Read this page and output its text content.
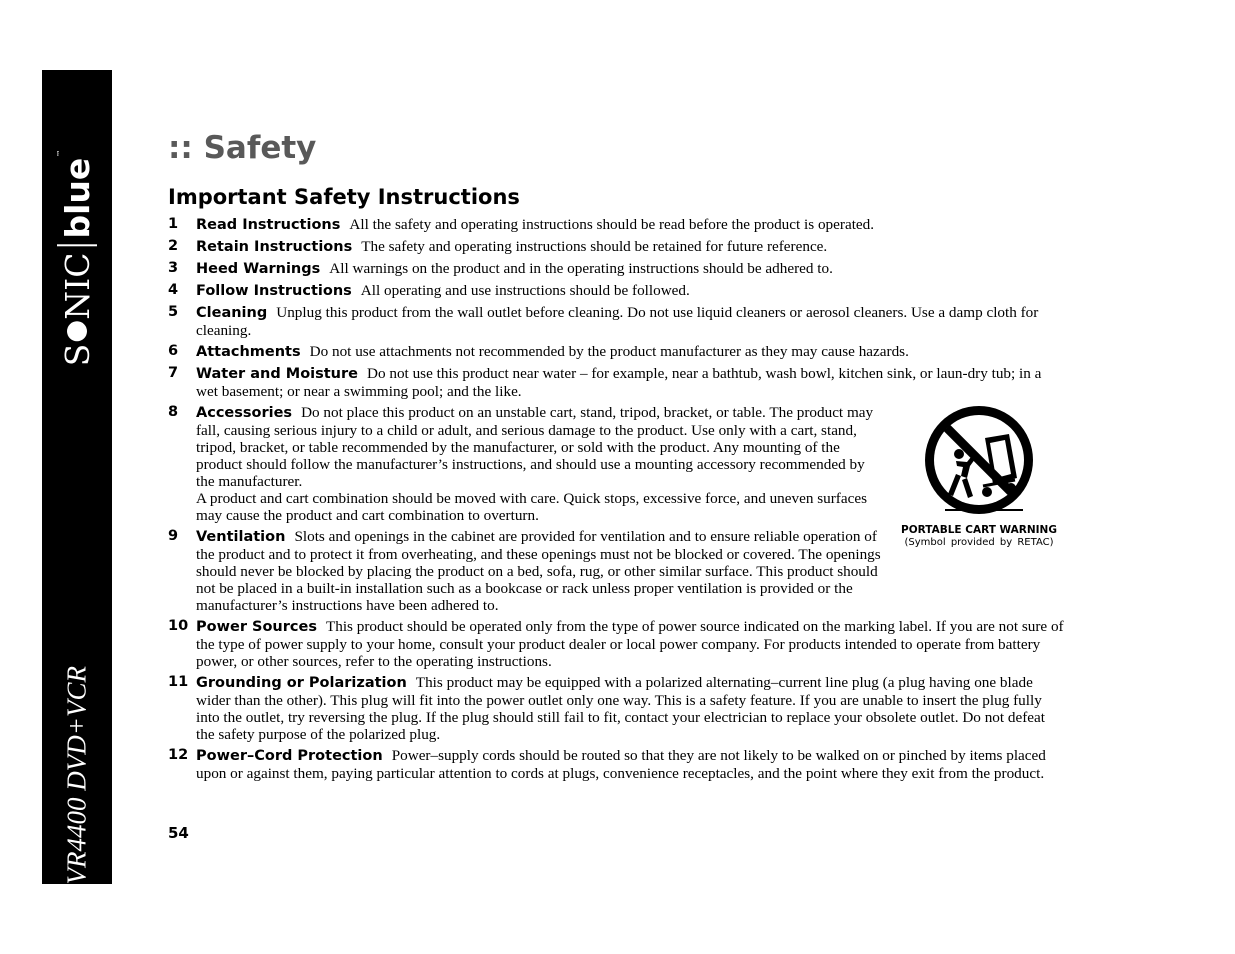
S
NIC
blue
™
DVR4400 DVD+VCR
:: Safety
Important Safety Instructions
1 Read Instructions All the safety and operating instructions should be read before the product is operated.
2 Retain Instructions The safety and operating instructions should be retained for future reference.
3 Heed Warnings All warnings on the product and in the operating instructions should be adhered to.
4 Follow Instructions All operating and use instructions should be followed.
5 Cleaning Unplug this product from the wall outlet before cleaning. Do not use liquid cleaners or aerosol cleaners. Use a damp cloth for cleaning.
6 Attachments Do not use attachments not recommended by the product manufacturer as they may cause hazards.
7 Water and Moisture Do not use this product near water – for example, near a bathtub, wash bowl, kitchen sink, or laun-dry tub; in a wet basement; or near a swimming pool; and the like.
8 Accessories Do not place this product on an unstable cart, stand, tripod, bracket, or table. The product may fall, causing serious injury to a child or adult, and serious damage to the product. Use only with a cart, stand, tripod, bracket, or table recommended by the manufacturer, or sold with the product. Any mounting of the product should follow the manufacturer’s instructions, and should use a mounting accessory recommended by the manufacturer.
A product and cart combination should be moved with care. Quick stops, excessive force, and uneven surfaces may cause the product and cart combination to overturn.
9 Ventilation Slots and openings in the cabinet are provided for ventilation and to ensure reliable operation of the product and to protect it from overheating, and these openings must not be blocked or covered. The openings should never be blocked by placing the product on a bed, sofa, rug, or other similar surface. This product should not be placed in a built-in installation such as a bookcase or rack unless proper ventilation is provided or the manufacturer’s instructions have been adhered to.
10 Power Sources This product should be operated only from the type of power source indicated on the marking label. If you are not sure of the type of power supply to your home, consult your product dealer or local power company. For products intended to operate from battery power, or other sources, refer to the operating instructions.
11 Grounding or Polarization This product may be equipped with a polarized alternating–current line plug (a plug having one blade wider than the other). This plug will fit into the power outlet only one way. This is a safety feature. If you are unable to insert the plug fully into the outlet, try reversing the plug. If the plug should still fail to fit, contact your electrician to replace your obsolete outlet. Do not defeat the safety purpose of the polarized plug.
12 Power–Cord Protection Power–supply cords should be routed so that they are not likely to be walked on or pinched by items placed upon or against them, paying particular attention to cords at plugs, convenience receptacles, and the point where they exit from the product.
PORTABLE CART WARNING
(Symbol provided by RETAC)
54
